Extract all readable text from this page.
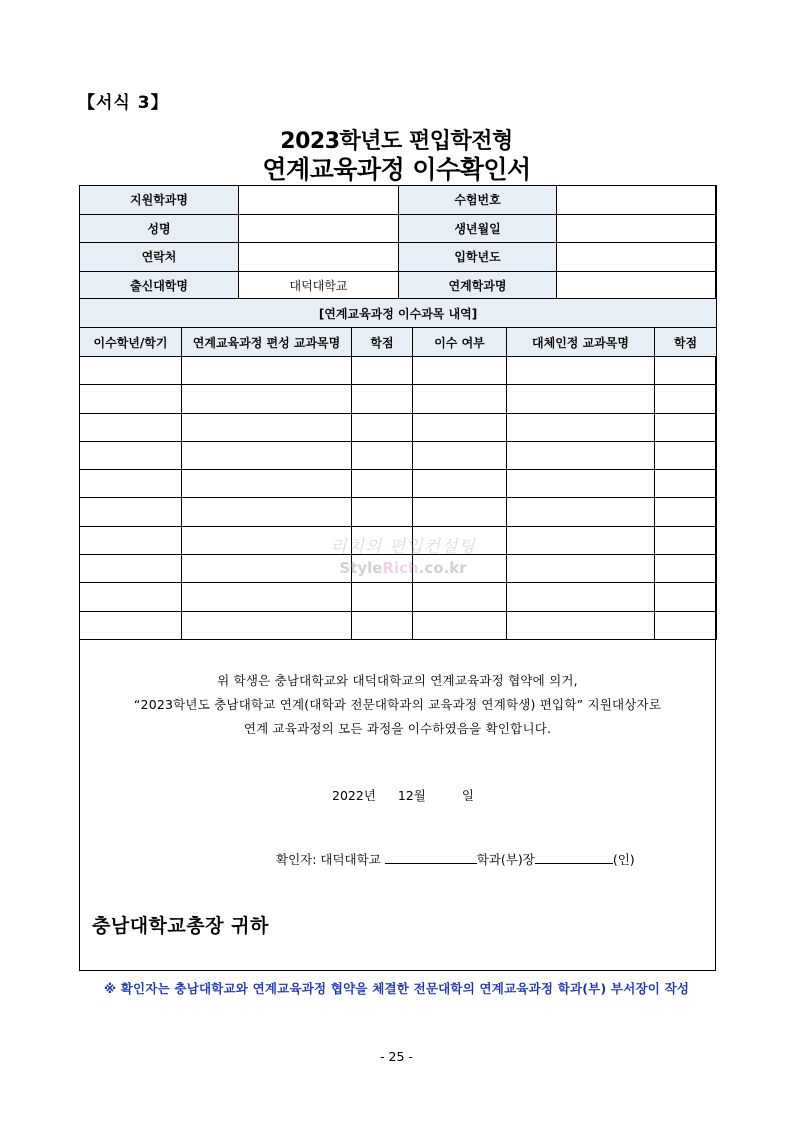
【서식 3】
2023학년도 편입학전형
연계교육과정 이수확인서
지원학과명		수험번호	
성명		생년월일	
연락처		입학년도	
출신대학명	대덕대학교	연계학과명	
[연계교육과정 이수과목 내역]					
이수학년/학기	연계교육과정 편성 교과목명	학점	이수 여부	대체인정 교과목명	학점

리치의 편입컨설팅
StyleRich.co.kr
위 학생은 충남대학교와 대덕대학교의 연계교육과정 협약에 의거,
“2023학년도 충남대학교 연계(대학과 전문대학과의 교육과정 연계학생) 편입학” 지원대상자로
연계 교육과정의 모든 과정을 이수하였음을 확인합니다.
2022년 12월	일
확인자: 대덕대학교	학과(부)장	(인)
충남대학교총장 귀하
※ 확인자는 충남대학교와 연계교육과정 협약을 체결한 전문대학의 연계교육과정 학과(부) 부서장이 작성
- 25 -
